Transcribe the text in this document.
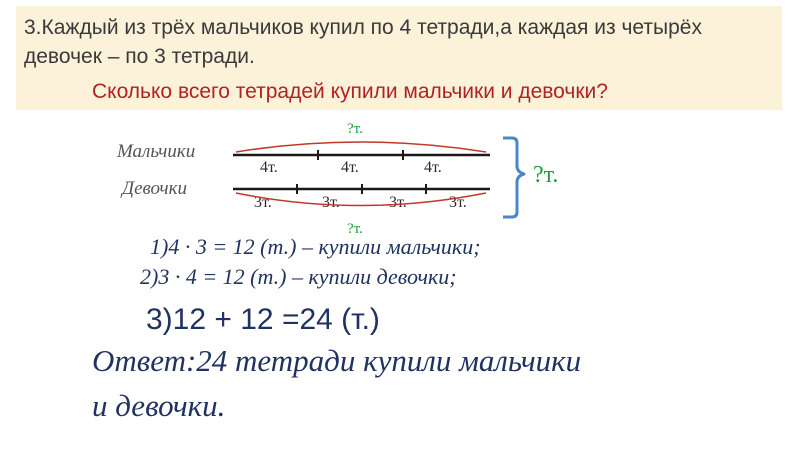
3.Каждый из трёх мальчиков купил по 4 тетради,а каждая из четырёх
девочек – по 3 тетради.
Сколько всего тетрадей купили мальчики и девочки?
Мальчики
Девочки
?т.
4т.	4т.	4т.
3т.	3т.	3т.	3т.
?т.
?т.
1)4 · 3 = 12 (т.) – купили мальчики;
2)3 · 4 = 12 (т.) – купили девочки;
3)12 + 12 =24 (т.)
Ответ:24 тетради купили мальчики
и девочки.
